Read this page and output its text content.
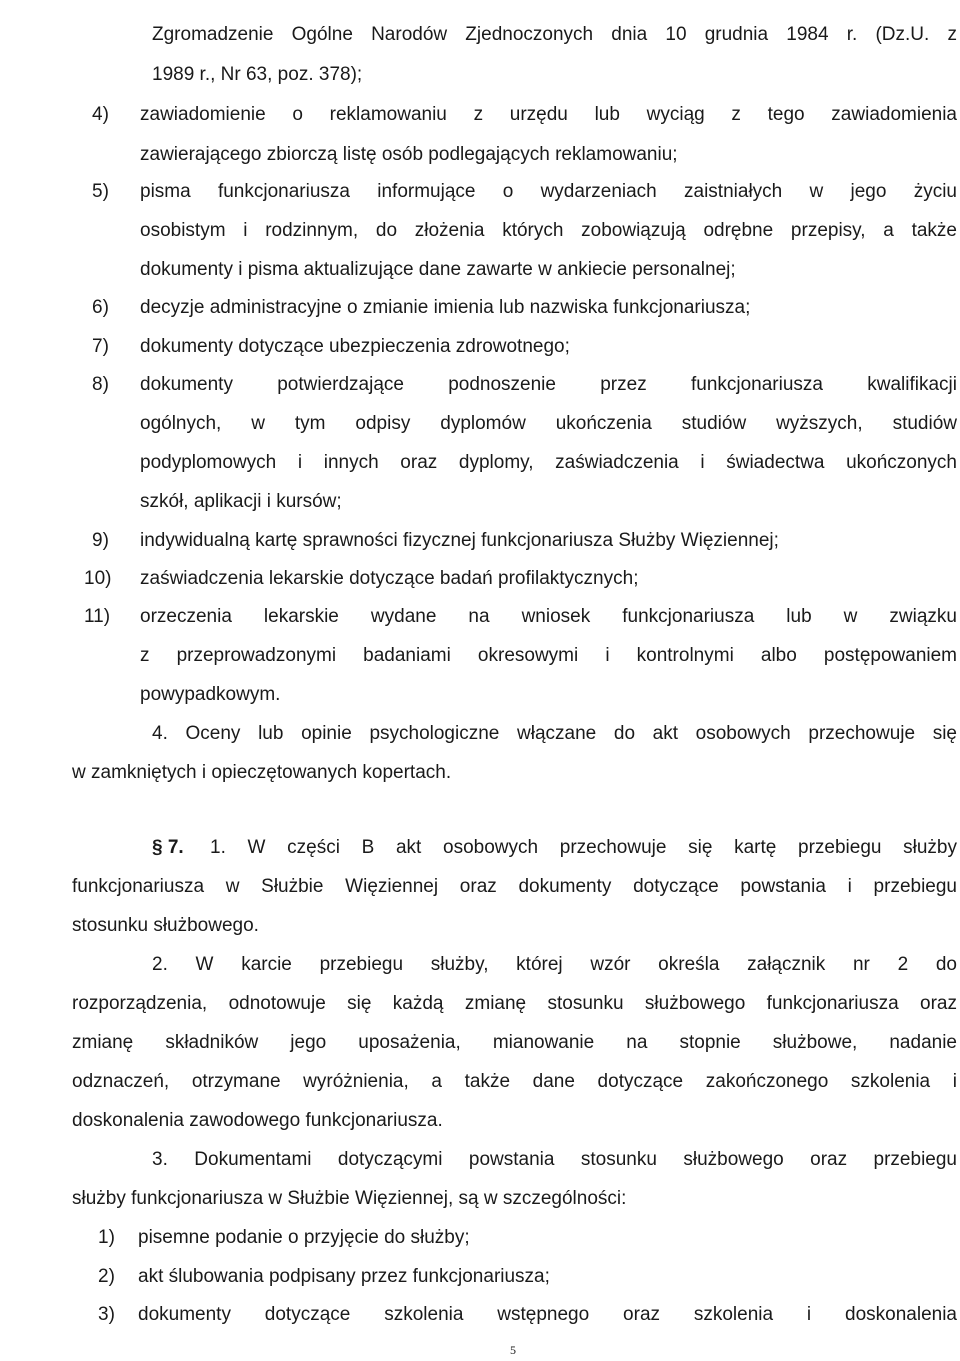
Zgromadzenie Ogólne Narodów Zjednoczonych dnia 10 grudnia 1984 r. (Dz.U. z
1989 r., Nr 63, poz. 378);
4) zawiadomienie o reklamowaniu z urzędu lub wyciąg z tego zawiadomienia
zawierającego zbiorczą listę osób podlegających reklamowaniu;
5) pisma funkcjonariusza informujące o wydarzeniach zaistniałych w jego życiu
osobistym i rodzinnym, do złożenia których zobowiązują odrębne przepisy, a także
dokumenty i pisma aktualizujące dane zawarte w ankiecie personalnej;
6) decyzje administracyjne o zmianie imienia lub nazwiska funkcjonariusza;
7) dokumenty dotyczące ubezpieczenia zdrowotnego;
8) dokumenty potwierdzające podnoszenie przez funkcjonariusza kwalifikacji
ogólnych, w tym odpisy dyplomów ukończenia studiów wyższych, studiów
podyplomowych i innych oraz dyplomy, zaświadczenia i świadectwa ukończonych
szkół, aplikacji i kursów;
9) indywidualną kartę sprawności fizycznej funkcjonariusza Służby Więziennej;
10) zaświadczenia lekarskie dotyczące badań profilaktycznych;
11) orzeczenia lekarskie wydane na wniosek funkcjonariusza lub w związku
z przeprowadzonymi badaniami okresowymi i kontrolnymi albo postępowaniem
powypadkowym.
4. Oceny lub opinie psychologiczne włączane do akt osobowych przechowuje się
w zamkniętych i opieczętowanych kopertach.
§ 7. 1. W części B akt osobowych przechowuje się kartę przebiegu służby
funkcjonariusza w Służbie Więziennej oraz dokumenty dotyczące powstania i przebiegu
stosunku służbowego.
2. W karcie przebiegu służby, której wzór określa załącznik nr 2 do
rozporządzenia, odnotowuje się każdą zmianę stosunku służbowego funkcjonariusza oraz
zmianę składników jego uposażenia, mianowanie na stopnie służbowe, nadanie
odznaczeń, otrzymane wyróżnienia, a także dane dotyczące zakończonego szkolenia i
doskonalenia zawodowego funkcjonariusza.
3. Dokumentami dotyczącymi powstania stosunku służbowego oraz przebiegu
służby funkcjonariusza w Służbie Więziennej, są w szczególności:
1) pisemne podanie o przyjęcie do służby;
2) akt ślubowania podpisany przez funkcjonariusza;
3) dokumenty dotyczące szkolenia wstępnego oraz szkolenia i doskonalenia
5
